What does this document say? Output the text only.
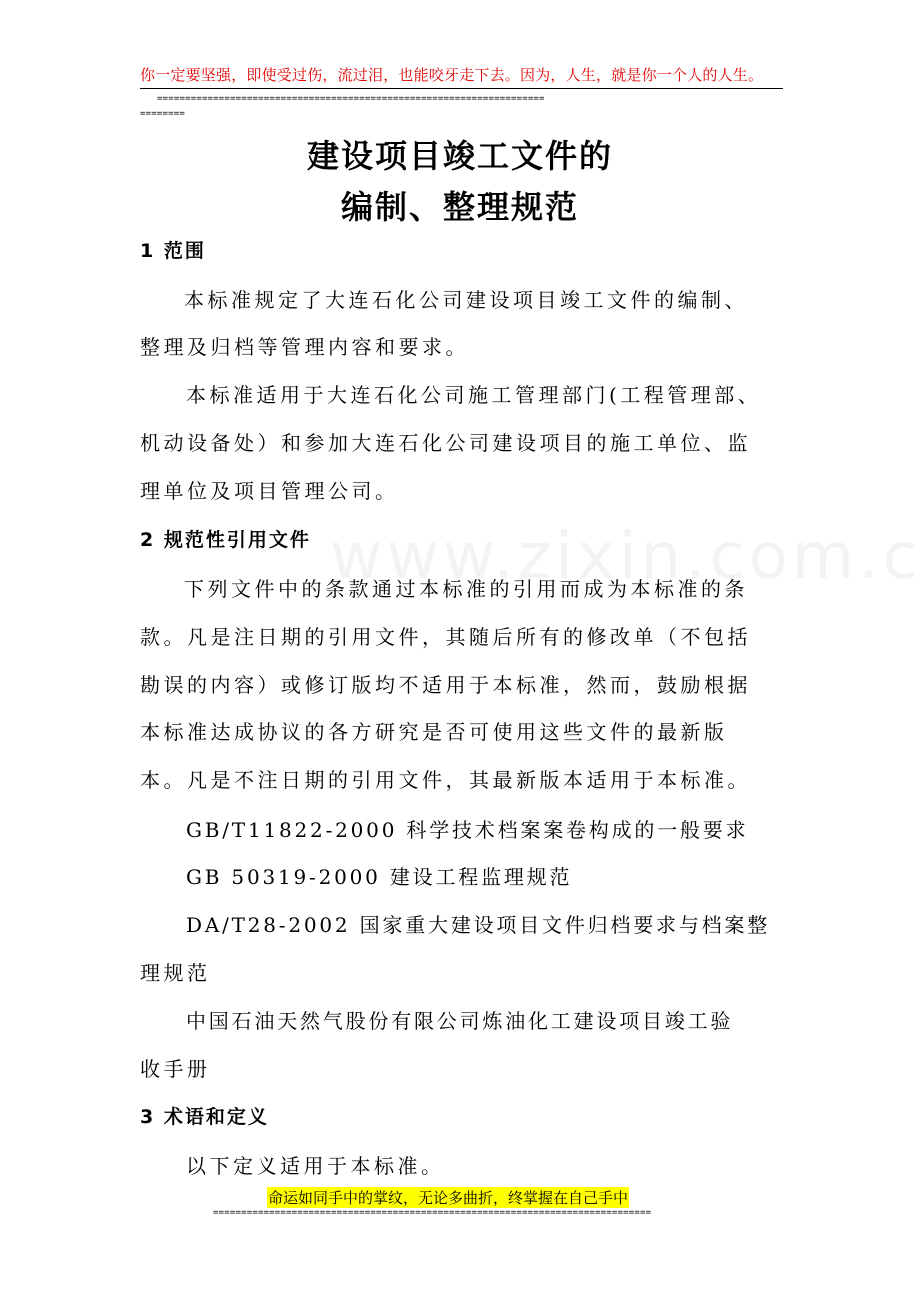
你一定要坚强，即使受过伤，流过泪，也能咬牙走下去。因为，人生，就是你一个人的人生。
=====================================================================
========
建设项目竣工文件的
编制、整理规范
1 范围
本标准规定了大连石化公司建设项目竣工文件的编制、
整理及归档等管理内容和要求。
本标准适用于大连石化公司施工管理部门(工程管理部、
机动设备处）和参加大连石化公司建设项目的施工单位、监
理单位及项目管理公司。
2 规范性引用文件
下列文件中的条款通过本标准的引用而成为本标准的条
款。凡是注日期的引用文件，其随后所有的修改单（不包括
勘误的内容）或修订版均不适用于本标准，然而，鼓励根据
本标准达成协议的各方研究是否可使用这些文件的最新版
本。凡是不注日期的引用文件，其最新版本适用于本标准。
GB/T11822-2000 科学技术档案案卷构成的一般要求
GB 50319-2000 建设工程监理规范
DA/T28-2002 国家重大建设项目文件归档要求与档案整
理规范
中国石油天然气股份有限公司炼油化工建设项目竣工验
收手册
3 术语和定义
以下定义适用于本标准。
命运如同手中的掌纹，无论多曲折，终掌握在自己手中
==============================================================================
